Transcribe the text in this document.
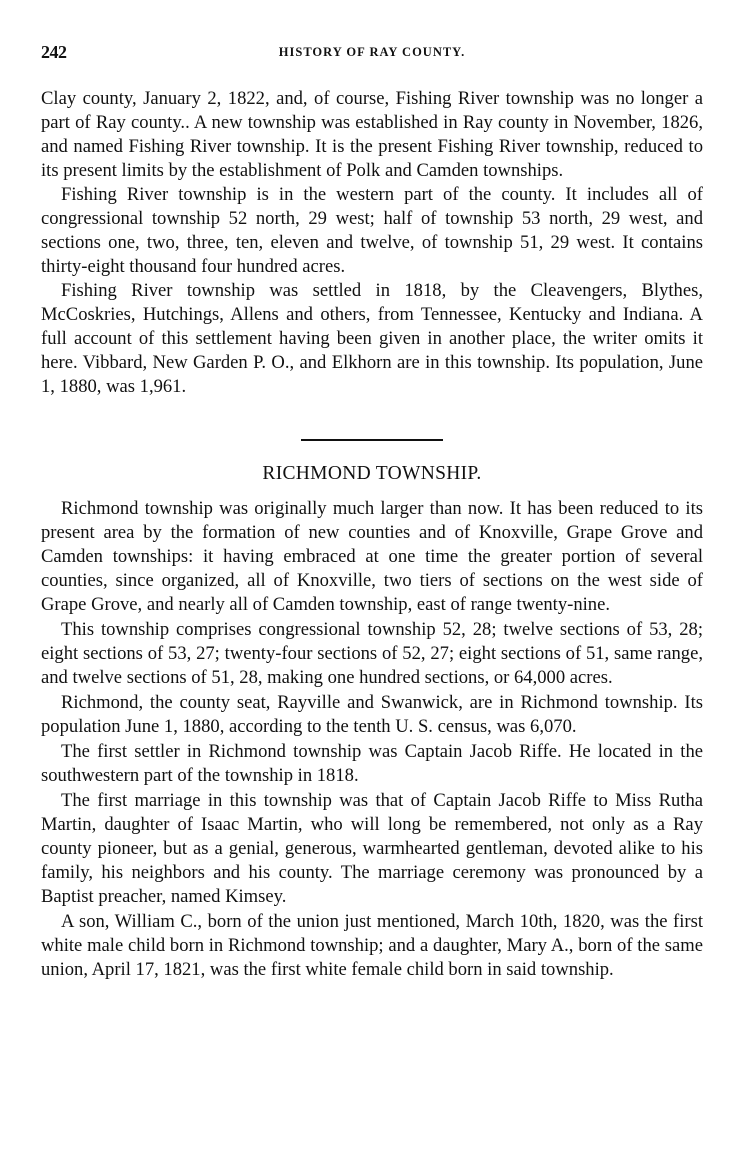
242	HISTORY OF RAY COUNTY.

Clay county, January 2, 1822, and, of course, Fishing River township was no longer a part of Ray county.. A new township was established in Ray county in November, 1826, and named Fishing River township. It is the present Fishing River township, reduced to its present limits by the establishment of Polk and Camden townships.

Fishing River township is in the western part of the county. It includes all of congressional township 52 north, 29 west; half of township 53 north, 29 west, and sections one, two, three, ten, eleven and twelve, of township 51, 29 west. It contains thirty-eight thousand four hundred acres.

Fishing River township was settled in 1818, by the Cleavengers, Blythes, McCoskries, Hutchings, Allens and others, from Tennessee, Kentucky and Indiana. A full account of this settlement having been given in another place, the writer omits it here. Vibbard, New Garden P. O., and Elkhorn are in this township. Its population, June 1, 1880, was 1,961.

RICHMOND TOWNSHIP.

Richmond township was originally much larger than now. It has been reduced to its present area by the formation of new counties and of Knoxville, Grape Grove and Camden townships: it having embraced at one time the greater portion of several counties, since organized, all of Knoxville, two tiers of sections on the west side of Grape Grove, and nearly all of Camden township, east of range twenty-nine.

This township comprises congressional township 52, 28; twelve sections of 53, 28; eight sections of 53, 27; twenty-four sections of 52, 27; eight sections of 51, same range, and twelve sections of 51, 28, making one hundred sections, or 64,000 acres.

Richmond, the county seat, Rayville and Swanwick, are in Richmond township. Its population June 1, 1880, according to the tenth U. S. census, was 6,070.

The first settler in Richmond township was Captain Jacob Riffe. He located in the southwestern part of the township in 1818.

The first marriage in this township was that of Captain Jacob Riffe to Miss Rutha Martin, daughter of Isaac Martin, who will long be remembered, not only as a Ray county pioneer, but as a genial, generous, warmhearted gentleman, devoted alike to his family, his neighbors and his county. The marriage ceremony was pronounced by a Baptist preacher, named Kimsey.

A son, William C., born of the union just mentioned, March 10th, 1820, was the first white male child born in Richmond township; and a daughter, Mary A., born of the same union, April 17, 1821, was the first white female child born in said township.
